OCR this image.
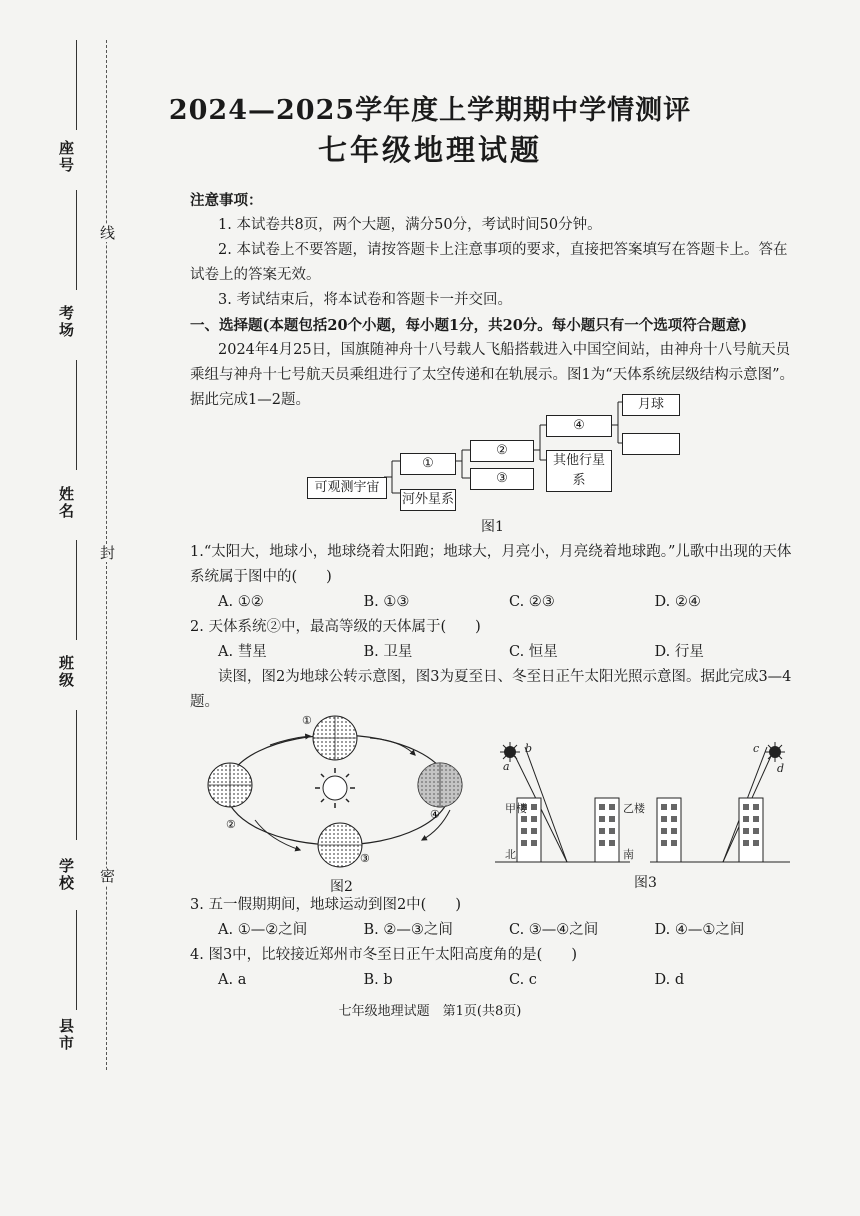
座号
考场
姓名
班级
学校
县市
线
封
密
2024—2025学年度上学期期中学情测评
七年级地理试题

注意事项：

1. 本试卷共8页，两个大题，满分50分，考试时间50分钟。

2. 本试卷上不要答题，请按答题卡上注意事项的要求，直接把答案填写在答题卡上。答在试卷上的答案无效。

3. 考试结束后，将本试卷和答题卡一并交回。

一、选择题(本题包括20个小题，每小题1分，共20分。每小题只有一个选项符合题意)

2024年4月25日，国旗随神舟十八号载人飞船搭载进入中国空间站，由神舟十八号航天员乘组与神舟十七号航天员乘组进行了太空传递和在轨展示。图1为“天体系统层级结构示意图”。据此完成1—2题。

可观测宇宙
①
河外星系
②
③
④
其他行星系
月球
图1

1.“太阳大，地球小，地球绕着太阳跑；地球大，月亮小，月亮绕着地球跑。”儿歌中出现的天体系统属于图中的(　　)

A. ①②	B. ①③	C. ②③	D. ②④

2. 天体系统②中，最高等级的天体属于(　　)

A. 彗星	B. 卫星	C. 恒星	D. 行星

读图，图2为地球公转示意图，图3为夏至日、冬至日正午太阳光照示意图。据此完成3—4题。

①
②
③
④
图2
a
b	c
d
甲楼	乙楼
北	南
图3

3. 五一假期期间，地球运动到图2中(　　)

A. ①—②之间	B. ②—③之间	C. ③—④之间	D. ④—①之间

4. 图3中，比较接近郑州市冬至日正午太阳高度角的是(　　)

A. a	B. b	C. c	D. d
七年级地理试题　第1页(共8页)
